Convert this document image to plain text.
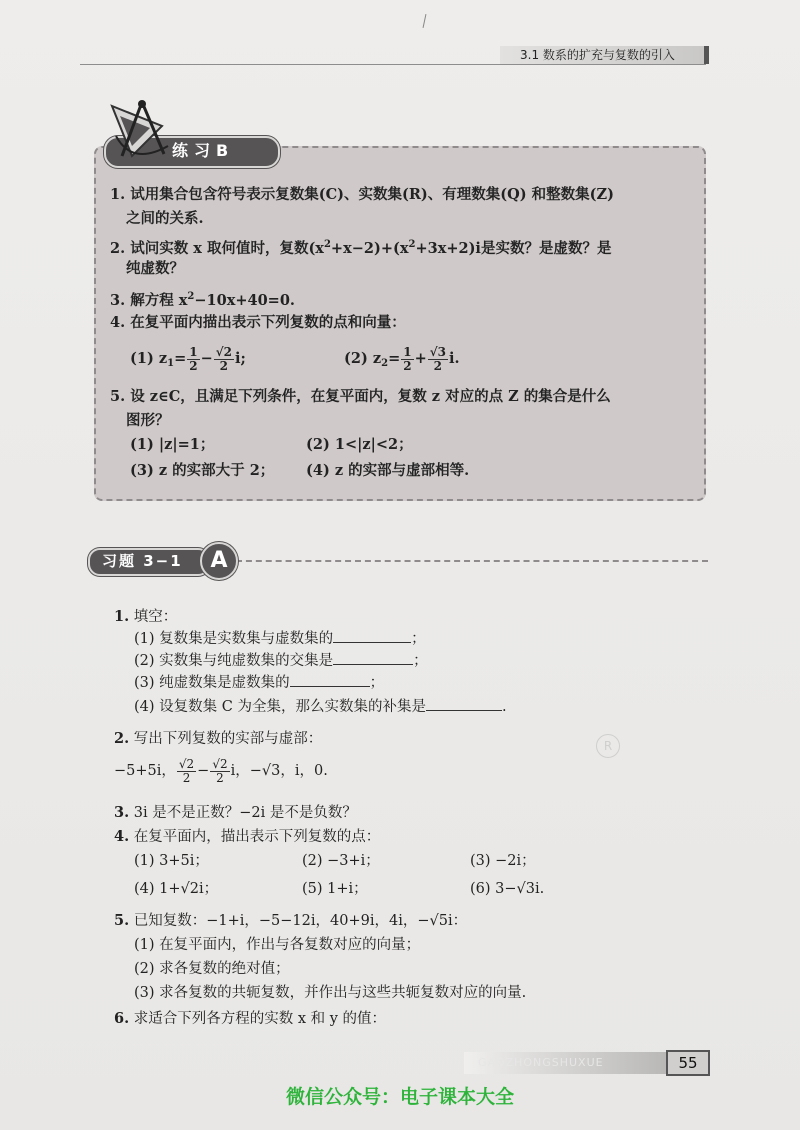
3.1 数系的扩充与复数的引入
练习B
1. 试用集合包含符号表示复数集(C)、实数集(R)、有理数集(Q) 和整数集(Z)
之间的关系.
2. 试问实数 x 取何值时，复数$(x^2+x-2)+(x^2+3x+2)i$是实数？是虚数？是
纯虚数？
3. 解方程 $x^2-10x+40=0$.
4. 在复平面内描出表示下列复数的点和向量：
(1) $z_1= \frac{1}{2} - \frac{√2}{2} i$;	(2) $z_2= \frac{1}{2} + \frac{√3}{2} i$.
5. 设 z∈C，且满足下列条件，在复平面内，复数 z 对应的点 Z 的集合是什么
图形？
(1) |z|=1；	(2) 1<|z|<2；
(3) z 的实部大于 2； (4) z 的实部与虚部相等.
习题 3−1	A
R
1. 填空：
(1) 复数集是实数集与虚数集的	；
(2) 实数集与纯虚数集的交集是	；
(3) 纯虚数集是虚数集的	；
(4) 设复数集 C 为全集，那么实数集的补集是	.
2. 写出下列复数的实部与虚部：
−5+5i， $\frac{√2}{2} - \frac{√2}{2}$ i，−√3，i，0.
3. 3i 是不是正数？−2i 是不是负数？
4. 在复平面内，描出表示下列复数的点：
(1) 3+5i；	(2) −3+i；	(3) −2i；
(4) 1+√2i；	(5) 1+i；	(6) 3−√3i.
5. 已知复数：−1+i，−5−12i，40+9i，4i，−√5i：
(1) 在复平面内，作出与各复数对应的向量；
(2) 求各复数的绝对值；
(3) 求各复数的共轭复数，并作出与这些共轭复数对应的向量.
6. 求适合下列各方程的实数 x 和 y 的值：
GAOZHONGSHUXUE	55
微信公众号：电子课本大全
